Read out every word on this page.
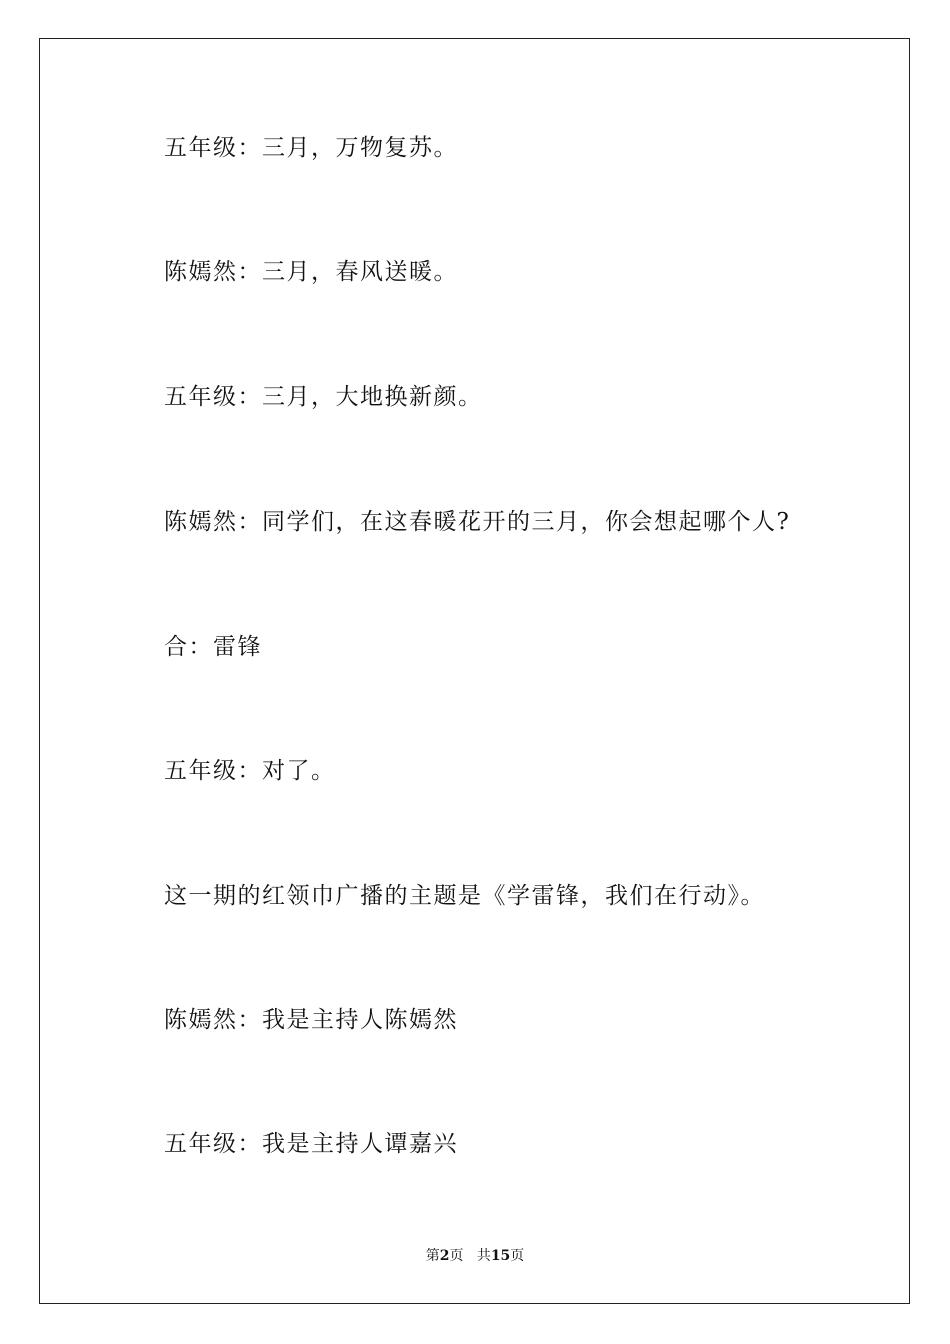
五年级：三月，万物复苏。
陈嫣然：三月，春风送暖。
五年级：三月，大地换新颜。
陈嫣然：同学们，在这春暖花开的三月，你会想起哪个人?
合：雷锋
五年级：对了。
这一期的红领巾广播的主题是《学雷锋，我们在行动》。
陈嫣然：我是主持人陈嫣然
五年级：我是主持人谭嘉兴
第2页 共15页
